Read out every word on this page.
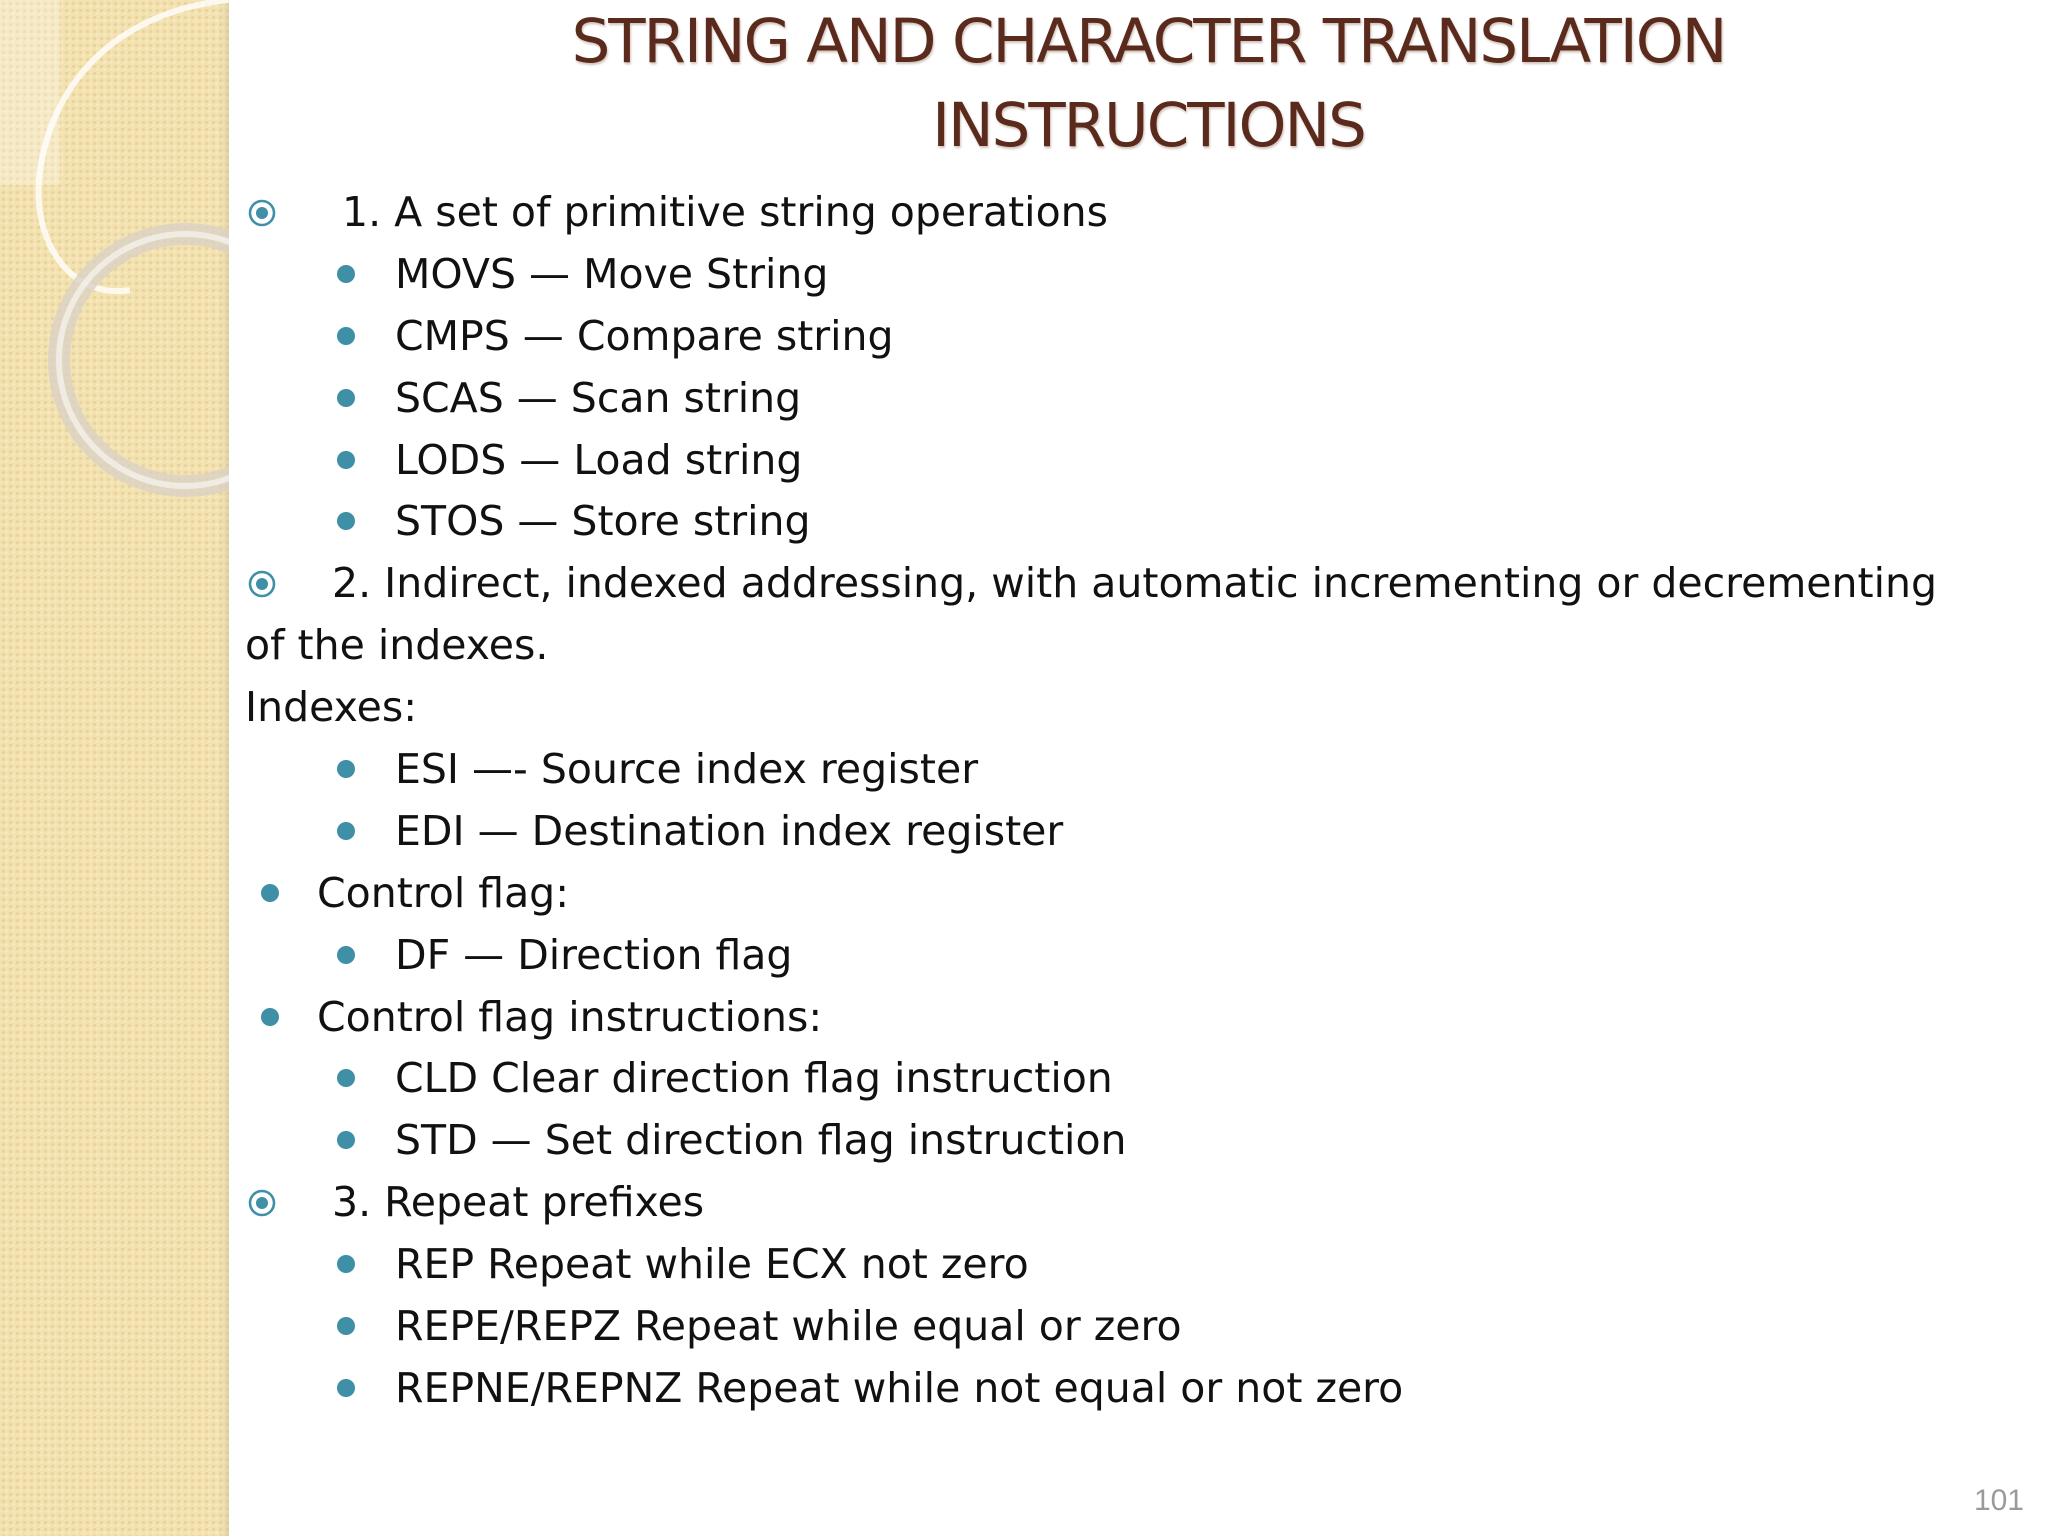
STRING AND CHARACTER TRANSLATION
INSTRUCTIONS
1. A set of primitive string operations
MOVS — Move String
CMPS — Compare string
SCAS — Scan string
LODS — Load string
STOS — Store string
2. Indirect, indexed addressing, with automatic incrementing or decrementing
of the indexes.
Indexes:
ESI —- Source index register
EDI — Destination index register
Control flag:
DF — Direction flag
Control flag instructions:
CLD Clear direction flag instruction
STD — Set direction flag instruction
3. Repeat prefixes
REP Repeat while ECX not zero
REPE/REPZ Repeat while equal or zero
REPNE/REPNZ Repeat while not equal or not zero
101
